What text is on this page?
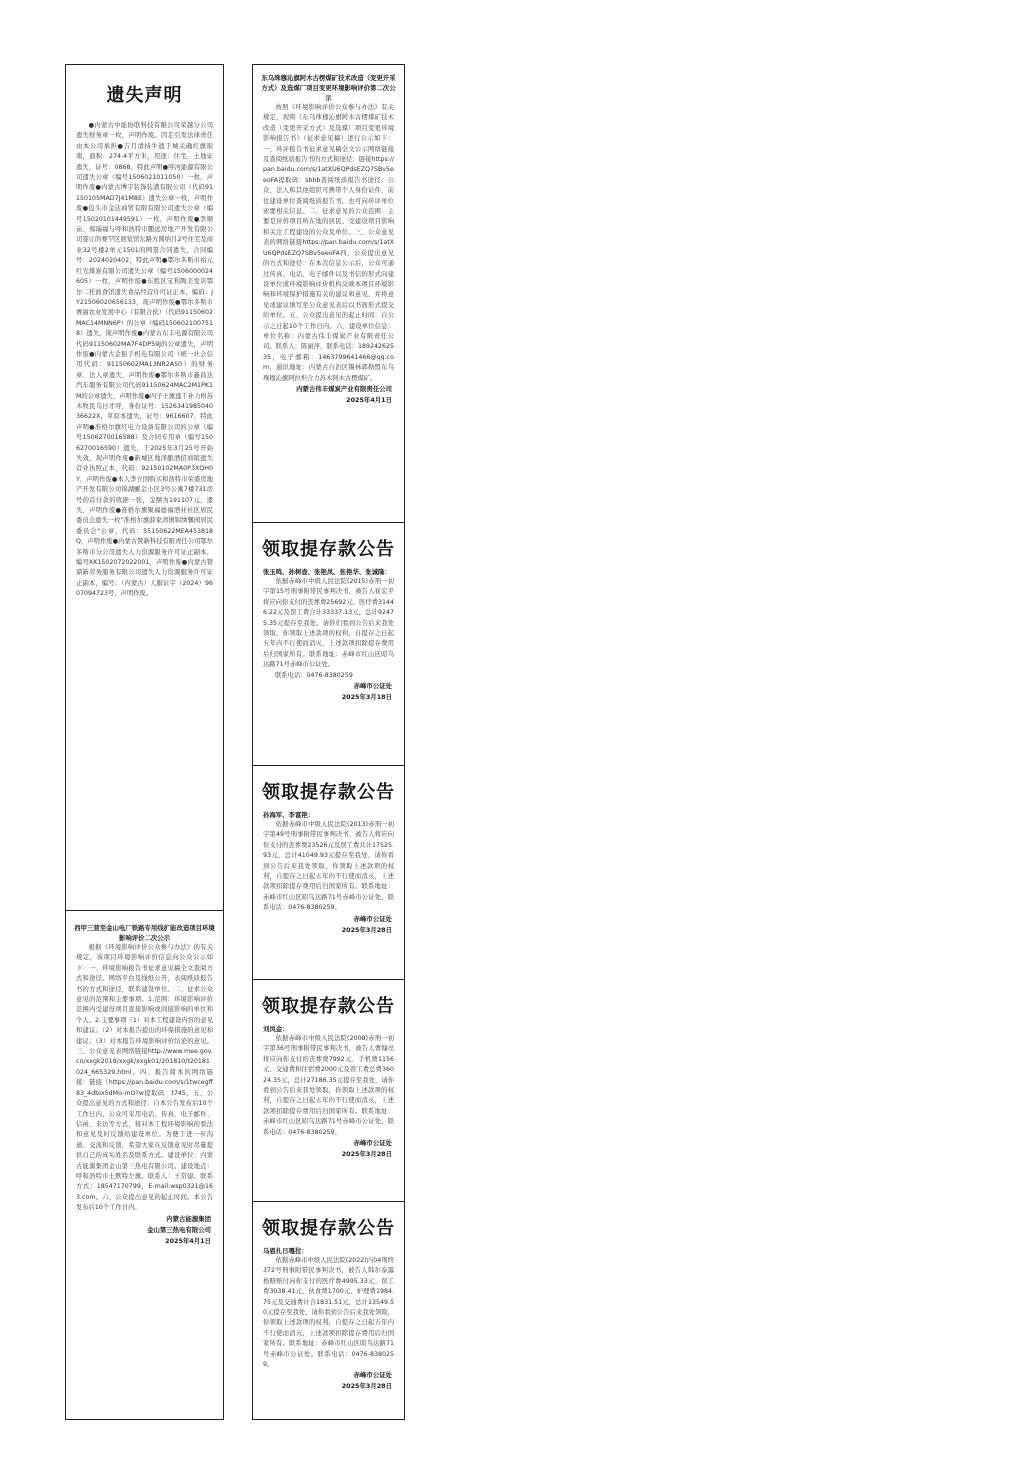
遗失声明
●内蒙古中能协联科技有限公司荣越分公司遗失财务章一枚，声明作废。因走引发法律责任由本公司承担●吉月清持牛遗于城关确红旗街南，面积：274.4平方米，用途：住宅，土地证遗失，证号：0868，特此声明●呼河能源有限公司遗失公章（编号1506021011050）一枚，声明作废●内蒙古博宇装饰装潢有限公司（代码91150105MAD7J41M8E）遗失公章一枚，声明作废●包头市金达商贸有限有限公司遗失公章（编号15020101449591）一枚，声明作废●李顺亩、郑瑞福与呼和浩特市鹏远房地产开发有限公司签订的赛罕区展览馆东路方圆纳月2号住宅及商业32号楼2单元1501的网签合同遗失，合同编号：2024020402，特此声明●鄂尔多斯市裕元红光煤炭有限公司遗失公章（编号1506000024605）一枚，声明作废●东胜区宝利陶美发店鄂尔二托面食馆遗失食品经营许可证正本，编码：JY21506020656133，现声明作废●鄂尔多斯市赛丽农业发展中心（有限合伙）（代码91150602MAC14MNN6P）的公章（编码1506021007518）遗失，现声明作废●内蒙古东丰电源有限公司代码91150602MA7F4DP59J的公章遗失，声明作废●内蒙古金振手机电有限公司（统一社会信用代码：91150602MA13NR2A50）的财务章、法人章遗失，声明作废●鄂尔多斯市鑫昌达汽车服务有限公司代码91150624MAC2M1PK1M的公章遗失，声明作废●四子王旗莲千补力格苏木牧民乌日才呼，身份证号：152634198504036622X，草原本遗失，证号：9616607，特此声明●准格尔旗红电力设备有限公司的公章（编号1506270016588）及合同专用章（编号1506270016590）遗失，于2025年3月25号开始失效，现声明作废●新城区地泽酿酒招商销遗失营业执照正本，代码：92150102MA0P3XQH0Y，声明作废●本人李立国购买和浩特市荣盛房地产开发有限公司锦湖郦金小区3号公寓7楼731房号的首付款的收据一张，金额为191107元，遗失，声明作废●准格尔旗聚福德福酒业社区居民委员会遗失一枚"准格尔旗薛家湾镇锦绣馨园居民委员会"公章，代码：55150622MEA453818Q，声明作废●内蒙古赞新科技有限责任公司鄂尔多斯市分公司遗失人力资源服务许可证正副本，编号XK1502072022001，声明作废●内蒙古赞鼎新劳务服务有限公司遗失人力资源服务许可证正副本，编号：（内蒙古）人服证字（2024）9607094723号，声明作废。
西甲三营至金山电厂铁路专用线扩能改造项目环境影响评价二次公示
根据《环境影响评价公众参与办法》的有关规定，该项目环境影响评价信息向公众公示如下：一、环境影响报告书征求意见稿全文查阅方式和途径。网络平台及线纸公开，表阅纸质报告书的方式和途径，联系建设单位。二、征求公众意见的范围和主要事项。1.范围：环境影响评价范围内受建设项目直接影响或间接影响的单位和个人。2.主要事项（1）对本工程建设内容的意见和建议；（2）对本报告提出的环保措施的意见和建议；（3）对本报告环境影响评价结论的意见。三、公众意见表网络链接http://www.mee.gov.cn/xxgk2018/xxgk/xxgk01/201810/t20181024_665329.html。四、报告简本的网络链接：链接（https://pan.baidu.com/s/1twcegff83_4dbix5dMo-mO?w提取码：t745。五、公众提出意见的方式和途径：自本公告发布后10个工作日内，公众可采用电话、传真、电子邮件、信函、来访等方式，将对本工程环境影响的看法和意见及时反馈给建设单位。为便于进一步沟通、交流和反馈，希望大家在反馈意见时尽量提供自己的真实姓名及联系方式。建设单位：内蒙古能源集团金山第三热电有限公司。建设地点：呼和浩特市土默特左旗。联系人：王常建。联系方式：18547170799，E-mail:wsp0321@163.com。六、公众提出意见的起止时间。本公告发布后10个工作日内。
内蒙古能源集团
金山第三热电有限公司
2025年4月1日
东乌珠穆沁旗阿木古楞煤矿技术改造（变更开采方式）及选煤厂项目变更环境影响评价第二次公示
按照《环境影响评价公众参与办法》有关规定，现将《东乌珠穆沁旗阿木古楞煤矿技术改造（变更开采方式）及选煤厂项目变更环境影响报告书》（征求意见稿）进行公示如下：一、环评报告书征求意见稿全文公示网络链接及查阅纸质报告书的方式和途径：链接https://pan.baidu.com/s/1atXU6QPdsEZQ7SBv5eeoFA提取码：sbhb查阅纸质报告书途径：公众、法人和其他组织可携带个人身份证件，前往建设单位查阅纸质报告书，也可向环评单位索要相关信息。二、征求意见的公众范围：主要是评价项目所在地的居民、受建设项目影响和关注工程建设的公众及单位。三、公众意见表的网络链接https://pan.baidu.com/s/1atXU6QPdsEZQ7SBv5eeoFA四、公众提出意见的方式和途径：在本次信息公示后，公众可通过传真、电话、电子邮件以及书信的形式向建设单位或环境影响评价机构反映本项目环境影响和环境保护措施有关的建议和意见，并将意见或建议填写至公众意见表后以书面形式提交给单位。五、公众提出意见的起止时间：自公示之日起10个工作日内。六、建设单位信息：单位名称：内蒙古伟丰煤炭产业有限责任公司。联系人：陈丽萍，联系电话：18924262535，电子邮箱：1463799641466@qq.com，通讯地址：内蒙古自治区锡林郭勒盟东乌珠穆沁旗阿拉坦合力苏木阿木古楞煤矿。
内蒙古伟丰煤炭产业有限责任公司
2025年4月1日
领取提存款公告
张玉鸣、孙树壶、张艳凤、张艳华、张诚隆：
依据赤峰市中级人民法院(2015)赤刑一初字第15号刑事附带民事判决书，被告人崔宏平将应向你支付的丧葬费25692元、医疗费31446.22元及误工费合计33337.13元，总计92475.35元提存至我处。请你们看到公告后来我处领取，你领取上述款项的权利，自提存之日起五年内不行使而消灭，上述款项扣除提存费用后归国家所有。联系地址：赤峰市红山区昭乌达路71号赤峰市公证处。
联系电话：0476-8380259
赤峰市公证处
2025年3月18日
领取提存款公告
孙海军、李富艳：
依据赤峰市中级人民法院(2013)赤刑一初字第49号刑事附带民事判决书，被告人将应向你支付的丧葬费23526元及误工费共计17525.93元，总计41049.93元提存至我处，请你看到公告后来我处领取，你领取上述款项的权利，自提存之日起五年内不行使而消灭，上述款项扣除提存费用后归国家所有。联系地址：赤峰市红山区昭乌达路71号赤峰市公证处。联系电话：0476-8380259。
赤峰市公证处
2025年3月28日
领取提存款公告
刘凤金：
依据赤峰市中级人民法院(2008)赤刑一初字第36号刑事附带民事判决书，被告人曹翰亮将应向你支付的丧葬费7992元、手机费1156元、交通费和住宿费2000元及误工费总费36024.35元，总计27186.35元提存至我处，请你看到公告后来我处领取，你领取上述款项的权利，自提存之日起五年内不行使而消灭，上述款项扣除提存费用后归国家所有。联系地址：赤峰市红山区昭乌达路71号赤峰市公证处。联系电话：0476-8380259。
赤峰市公证处
2025年3月28日
领取提存款公告
乌恩扎日嘎拉：
依据赤峰市中级人民法院(2022)内04刑终372号刑事附带民事判决书，被告人韩尔泰露格赔赔付向你支付的医疗费4995.33元、误工费3038.41元、伙食费1700元、护理费1984.75元及交通费计合1831.51元，总计13549.50元提存至我处，请你看到公告后来我处领取，你领取上述款项的权利，自提存之日起五年内不行使而消灭，上述款项扣除提存费用后归国家所有。联系地址：赤峰市红山区昭乌达路71号赤峰市公证处。联系电话：0476-8380259。
赤峰市公证处
2025年3月28日
